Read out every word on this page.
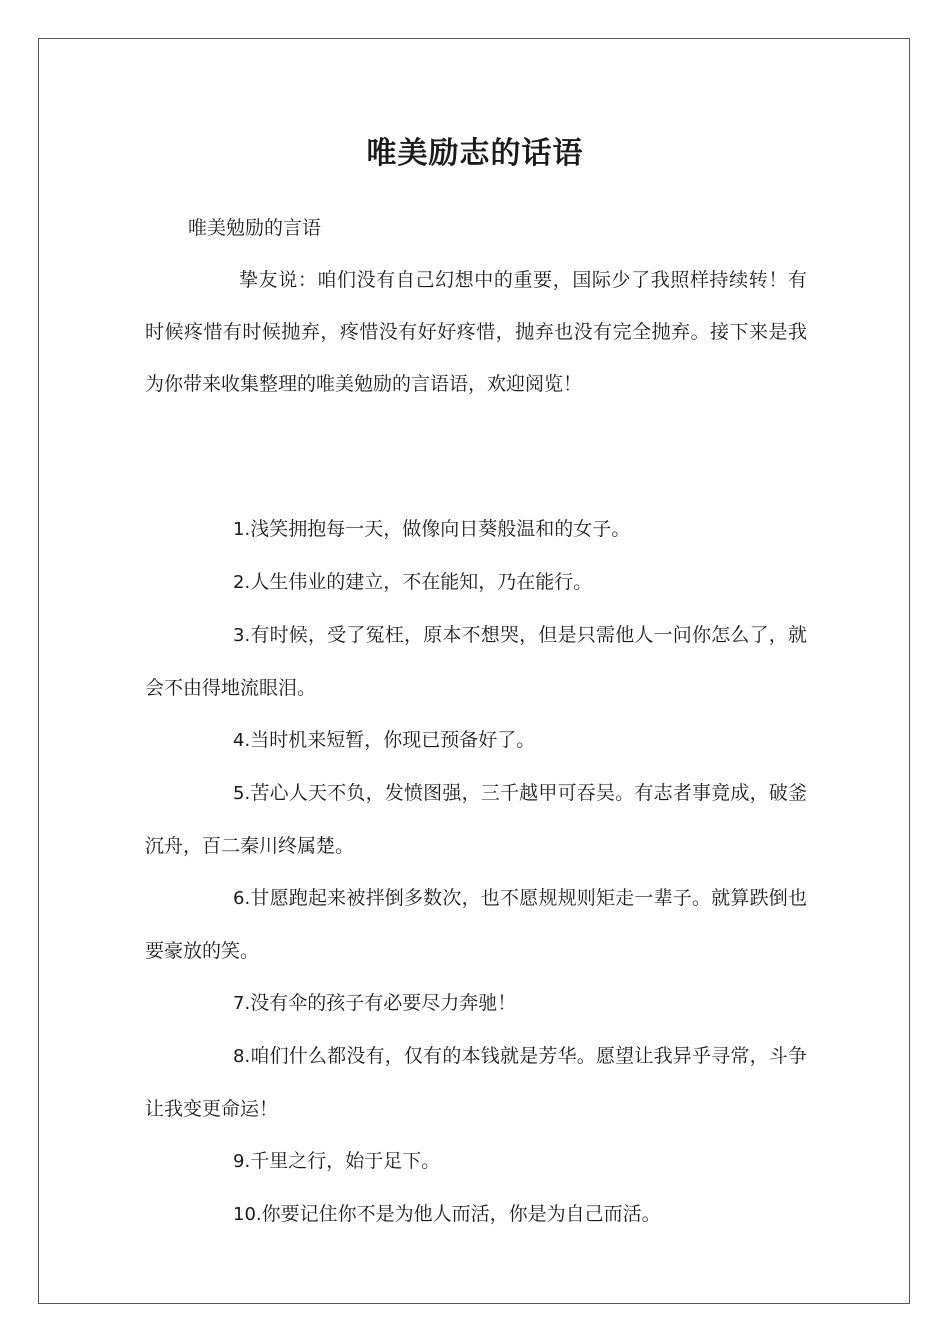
唯美励志的话语
唯美勉励的言语

挚友说：咱们没有自己幻想中的重要，国际少了我照样持续转！有时候疼惜有时候抛弃，疼惜没有好好疼惜，抛弃也没有完全抛弃。接下来是我为你带来收集整理的唯美勉励的言语语，欢迎阅览！

1.浅笑拥抱每一天，做像向日葵般温和的女子。

2.人生伟业的建立，不在能知，乃在能行。

3.有时候，受了冤枉，原本不想哭，但是只需他人一问你怎么了，就会不由得地流眼泪。

4.当时机来短暂，你现已预备好了。

5.苦心人天不负，发愤图强，三千越甲可吞吴。有志者事竟成，破釜沉舟，百二秦川终属楚。

6.甘愿跑起来被拌倒多数次，也不愿规规则矩走一辈子。就算跌倒也要豪放的笑。

7.没有伞的孩子有必要尽力奔驰！

8.咱们什么都没有，仅有的本钱就是芳华。愿望让我异乎寻常，斗争让我变更命运！

9.千里之行，始于足下。

10.你要记住你不是为他人而活，你是为自己而活。
